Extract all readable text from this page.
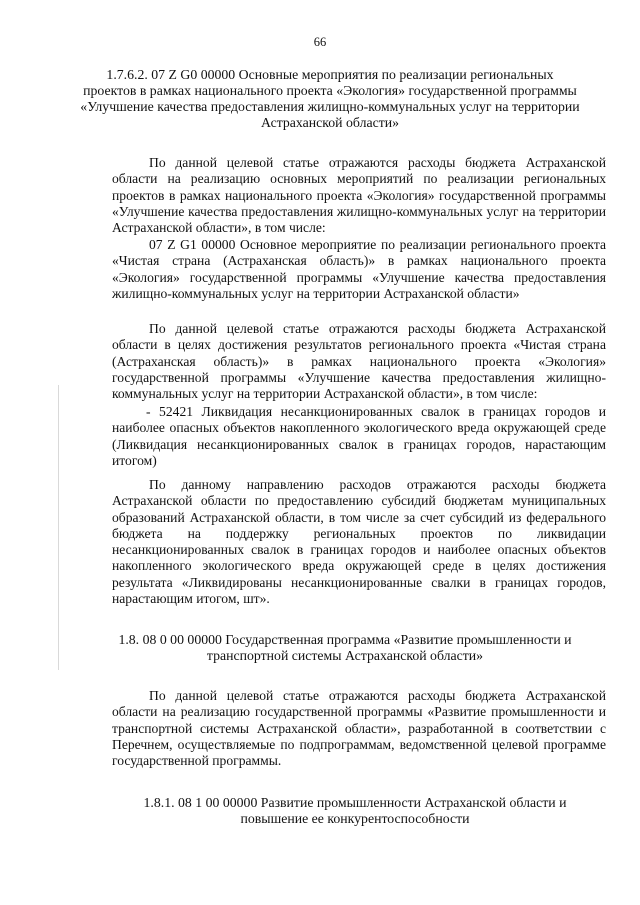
66
1.7.6.2. 07 Z G0 00000 Основные мероприятия по реализации региональных проектов в рамках национального проекта «Экология» государственной программы «Улучшение качества предоставления жилищно-коммунальных услуг на территории Астраханской области»
По данной целевой статье отражаются расходы бюджета Астраханской области на реализацию основных мероприятий по реализации региональных проектов в рамках национального проекта «Экология» государственной программы «Улучшение качества предоставления жилищно-коммунальных услуг на территории Астраханской области», в том числе:
07 Z G1 00000 Основное мероприятие по реализации регионального проекта «Чистая страна (Астраханская область)» в рамках национального проекта «Экология» государственной программы «Улучшение качества предоставления жилищно-коммунальных услуг на территории Астраханской области»
По данной целевой статье отражаются расходы бюджета Астраханской области в целях достижения результатов регионального проекта «Чистая страна (Астраханская область)» в рамках национального проекта «Экология» государственной программы «Улучшение качества предоставления жилищно-коммунальных услуг на территории Астраханской области», в том числе:
- 52421 Ликвидация несанкционированных свалок в границах городов и наиболее опасных объектов накопленного экологического вреда окружающей среде (Ликвидация несанкционированных свалок в границах городов, нарастающим итогом)
По данному направлению расходов отражаются расходы бюджета Астраханской области по предоставлению субсидий бюджетам муниципальных образований Астраханской области, в том числе за счет субсидий из федерального бюджета на поддержку региональных проектов по ликвидации несанкционированных свалок в границах городов и наиболее опасных объектов накопленного экологического вреда окружающей среде в целях достижения результата «Ликвидированы несанкционированные свалки в границах городов, нарастающим итогом, шт».
1.8. 08 0 00 00000 Государственная программа «Развитие промышленности и транспортной системы Астраханской области»
По данной целевой статье отражаются расходы бюджета Астраханской области на реализацию государственной программы «Развитие промышленности и транспортной системы Астраханской области», разработанной в соответствии с Перечнем, осуществляемые по подпрограммам, ведомственной целевой программе государственной программы.
1.8.1. 08 1 00 00000 Развитие промышленности Астраханской области и повышение ее конкурентоспособности
